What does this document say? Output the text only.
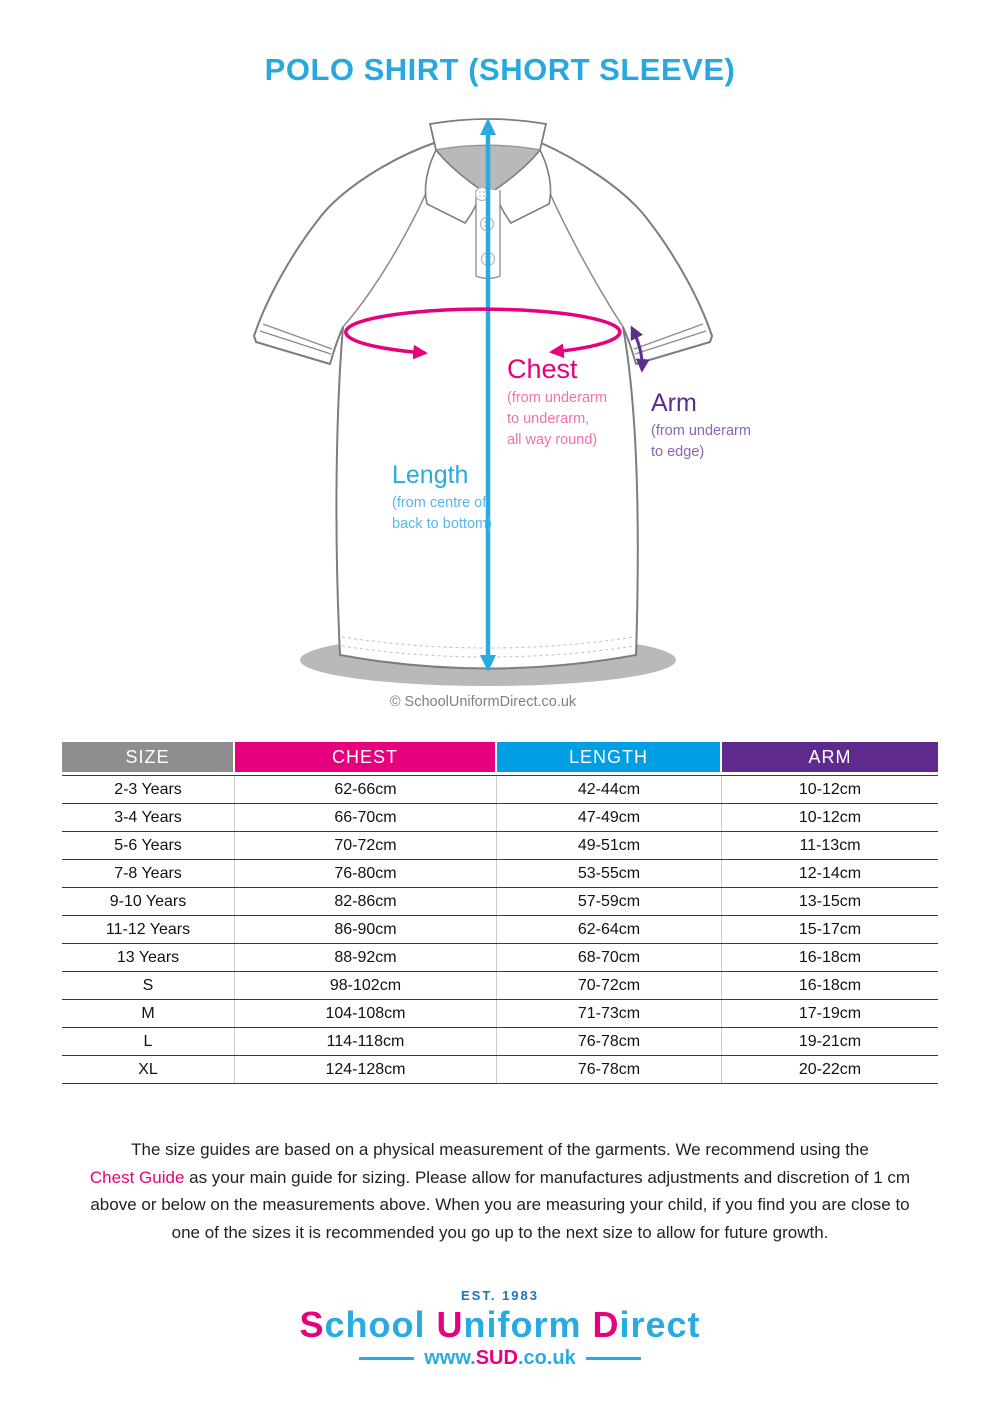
POLO SHIRT (SHORT SLEEVE)
Chest
(from underarm
to underarm,
all way round)
Arm
(from underarm
to edge)
Length
(from centre of
back to bottom)
© SchoolUniformDirect.co.uk
SIZE	CHEST	LENGTH	ARM
2-3 Years	62-66cm	42-44cm	10-12cm
3-4 Years	66-70cm	47-49cm	10-12cm
5-6 Years	70-72cm	49-51cm	11-13cm
7-8 Years	76-80cm	53-55cm	12-14cm
9-10 Years	82-86cm	57-59cm	13-15cm
11-12 Years	86-90cm	62-64cm	15-17cm
13 Years	88-92cm	68-70cm	16-18cm
S	98-102cm	70-72cm	16-18cm
M	104-108cm	71-73cm	17-19cm
L	114-118cm	76-78cm	19-21cm
XL	124-128cm	76-78cm	20-22cm
The size guides are based on a physical measurement of the garments. We recommend using the
Chest Guide as your main guide for sizing. Please allow for manufactures adjustments and discretion of 1 cm
above or below on the measurements above. When you are measuring your child, if you find you are close to
one of the sizes it is recommended you go up to the next size to allow for future growth.
EST. 1983
School Uniform Direct
www.SUD.co.uk
